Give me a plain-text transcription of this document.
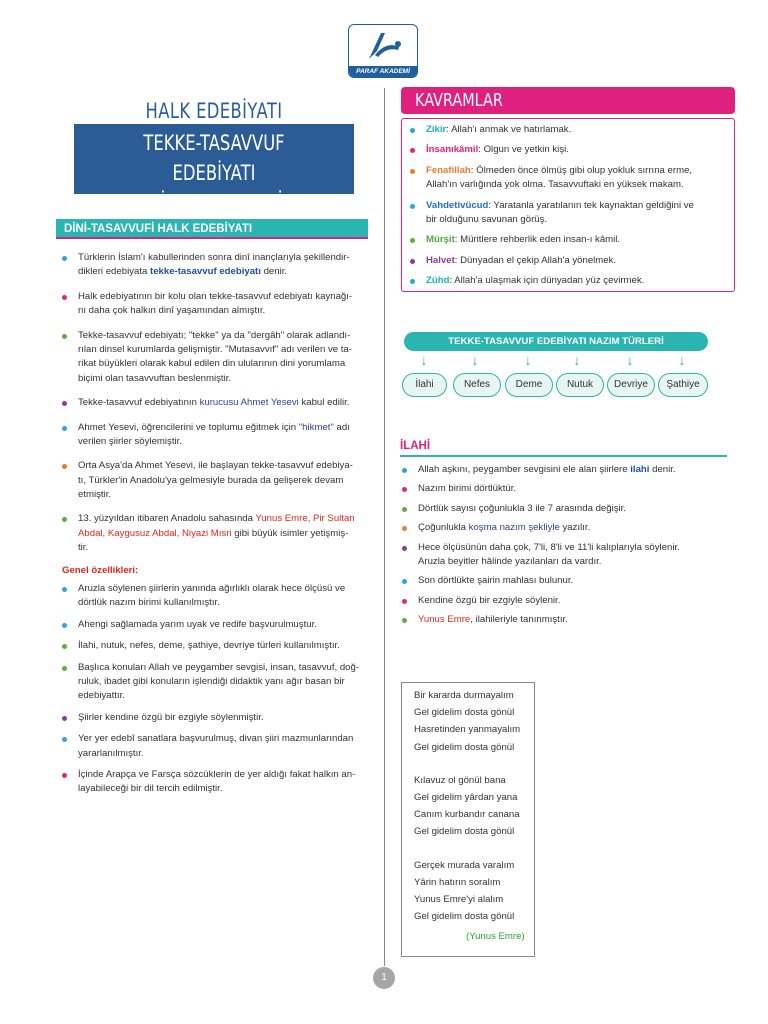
PARAF AKADEMİ
HALK EDEBİYATI
TEKKE-TASAVVUF EDEBİYATI
ANONİM HALK EDEBİYATI
DİNİ-TASAVVUFİ HALK EDEBİYATI
Türklerin İslam'ı kabullerinden sonra dinî inançlarıyla şekillendir-
dikleri edebiyata tekke-tasavvuf edebiyatı denir.
Halk edebiyatının bir kolu olan tekke-tasavvuf edebiyatı kaynağı-
nı daha çok halkın dinî yaşamından almıştır.
Tekke-tasavvuf edebiyatı; "tekke" ya da "dergâh" olarak adlandı-
rılan dinsel kurumlarda gelişmiştir. "Mutasavvıf" adı verilen ve ta-
rikat büyükleri olarak kabul edilen din ulularının dini yorumlama
biçimi olan tasavvuftan beslenmiştir.
Tekke-tasavvuf edebiyatının kurucusu Ahmet Yesevi kabul edilir.
Ahmet Yesevi, öğrencilerini ve toplumu eğitmek için "hikmet" adı
verilen şiirler söylemiştir.
Orta Asya'da Ahmet Yesevi, ile başlayan tekke-tasavvuf edebiya-
tı, Türkler'in Anadolu'ya gelmesiyle burada da gelişerek devam
etmiştir.
13. yüzyıldan itibaren Anadolu sahasında Yunus Emre, Pir Sultan
Abdal, Kaygusuz Abdal, Niyazi Mısri gibi büyük isimler yetişmiş-
tir.
Genel özellikleri:
Aruzla söylenen şiirlerin yanında ağırlıklı olarak hece ölçüsü ve
dörtlük nazım birimi kullanılmıştır.
Ahengi sağlamada yarım uyak ve redife başvurulmuştur.
İlahi, nutuk, nefes, deme, şathiye, devriye türleri kullanılmıştır.
Başlıca konuları Allah ve peygamber sevgisi, insan, tasavvuf, doğ-
ruluk, ibadet gibi konuların işlendiği didaktik yanı ağır basan bir
edebiyattır.
Şiirler kendine özgü bir ezgiyle söylenmiştir.
Yer yer edebî sanatlara başvurulmuş, divan şiiri mazmunlarından
yararlanılmıştır.
İçinde Arapça ve Farsça sözcüklerin de yer aldığı fakat halkın an-
layabileceği bir dil tercih edilmiştir.
KAVRAMLAR
Zikir: Allah'ı anmak ve hatırlamak.
İnsanıkâmil: Olgun ve yetkin kişi.
Fenafillah: Ölmeden önce ölmüş gibi olup yokluk sırrına erme,
Allah'ın varlığında yok olma. Tasavvuftaki en yüksek makam.
Vahdetivücud: Yaratanla yaratılanın tek kaynaktan geldiğini ve
bir olduğunu savunan görüş.
Mürşit: Müritlere rehberlik eden insan-ı kâmil.
Halvet: Dünyadan el çekip Allah'a yönelmek.
Zühd: Allah'a ulaşmak için dünyadan yüz çevirmek.
TEKKE-TASAVVUF EDEBİYATI NAZIM TÜRLERİ
↓	↓	↓	↓	↓	↓
İlahi	Nefes	Deme	Nutuk	Devriye	Şathiye
İLAHİ
Allah aşkını, peygamber sevgisini ele alan şiirlere ilahi denir.
Nazım birimi dörtlüktür.
Dörtlük sayısı çoğunlukla 3 ile 7 arasında değişir.
Çoğunlukla koşma nazım şekliyle yazılır.
Hece ölçüsünün daha çok, 7'li, 8'li ve 11'li kalıplarıyla söylenir.
Aruzla beyitler hâlinde yazılanları da vardır.
Son dörtlükte şairin mahlası bulunur.
Kendine özgü bir ezgiyle söylenir.
Yunus Emre, ilahileriyle tanınmıştır.
Bir kararda durmayalım
Gel gidelim dosta gönül
Hasretinden yanmayalım
Gel gidelim dosta gönül
Kılavuz ol gönül bana
Gel gidelim yârdan yana
Canım kurbandır canana
Gel gidelim dosta gönül
Gerçek murada varalım
Yârin hatırın soralım
Yunus Emre'yi alalım
Gel gidelim dosta gönül
(Yunus Emre)
1
